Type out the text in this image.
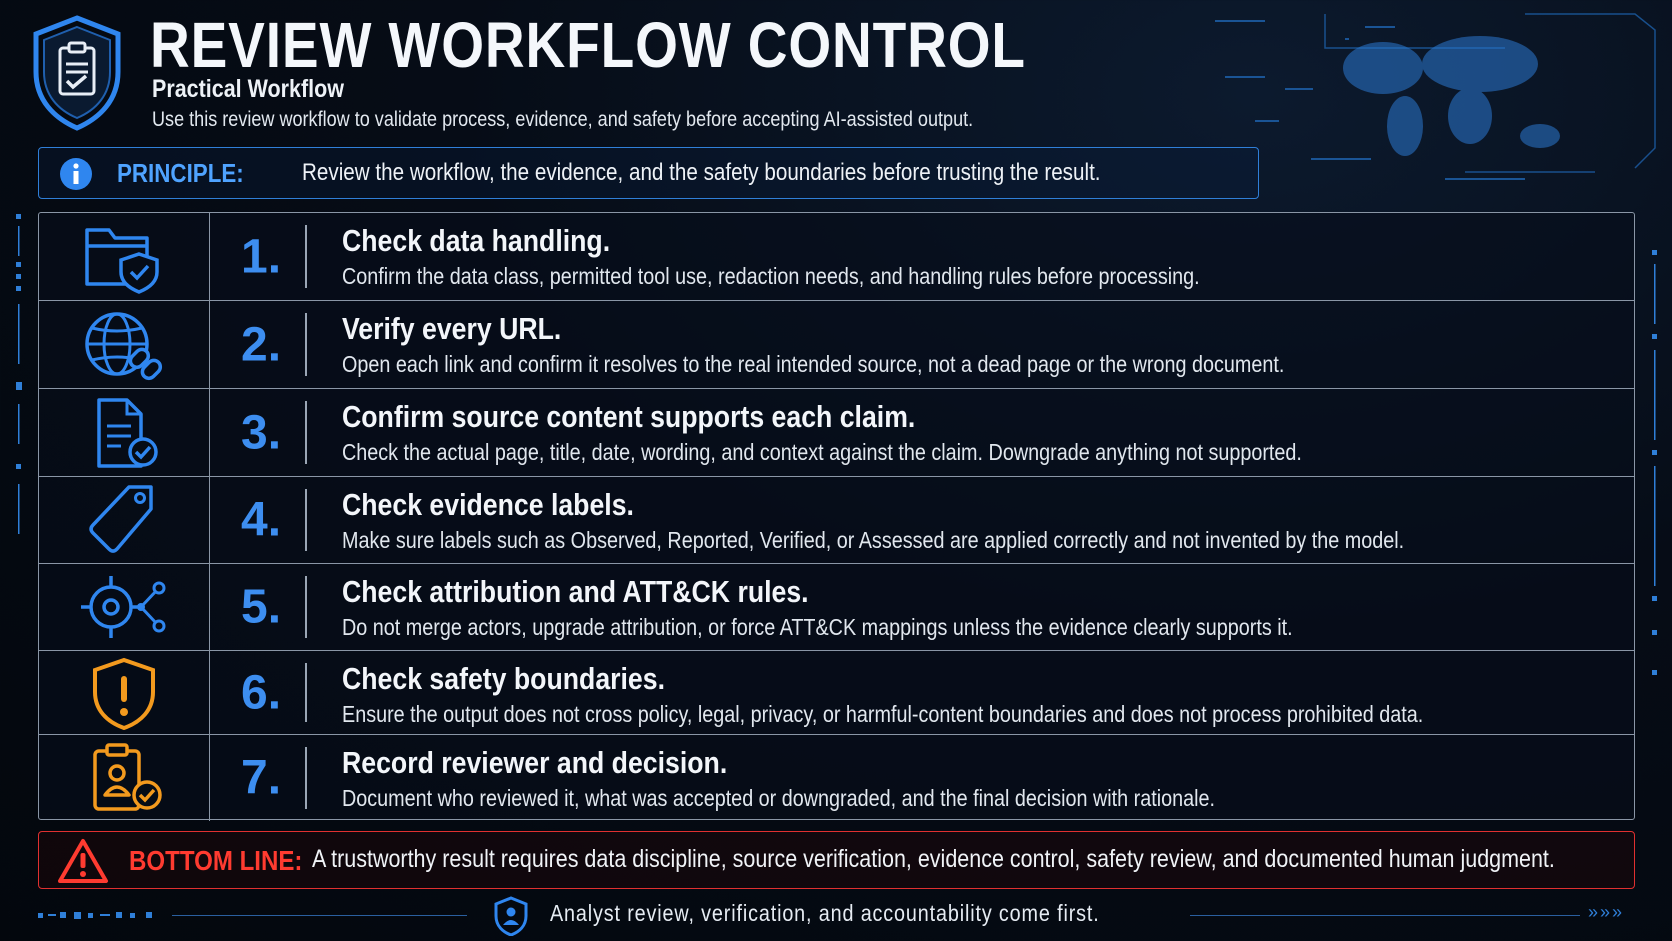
REVIEW WORKFLOW CONTROL
Practical Workflow
Use this review workflow to validate process, evidence, and safety before accepting AI-assisted output.
PRINCIPLE:	Review the workflow, the evidence, and the safety boundaries before trusting the result.
1. Check data handling.
Confirm the data class, permitted tool use, redaction needs, and handling rules before processing.
2. Verify every URL.
Open each link and confirm it resolves to the real intended source, not a dead page or the wrong document.
3. Confirm source content supports each claim.
Check the actual page, title, date, wording, and context against the claim. Downgrade anything not supported.
4. Check evidence labels.
Make sure labels such as Observed, Reported, Verified, or Assessed are applied correctly and not invented by the model.
5. Check attribution and ATT&CK rules.
Do not merge actors, upgrade attribution, or force ATT&CK mappings unless the evidence clearly supports it.
6. Check safety boundaries.
Ensure the output does not cross policy, legal, privacy, or harmful-content boundaries and does not process prohibited data.
7. Record reviewer and decision.
Document who reviewed it, what was accepted or downgraded, and the final decision with rationale.
BOTTOM LINE: A trustworthy result requires data discipline, source verification, evidence control, safety review, and documented human judgment.
Analyst review, verification, and accountability come first.	»»»
